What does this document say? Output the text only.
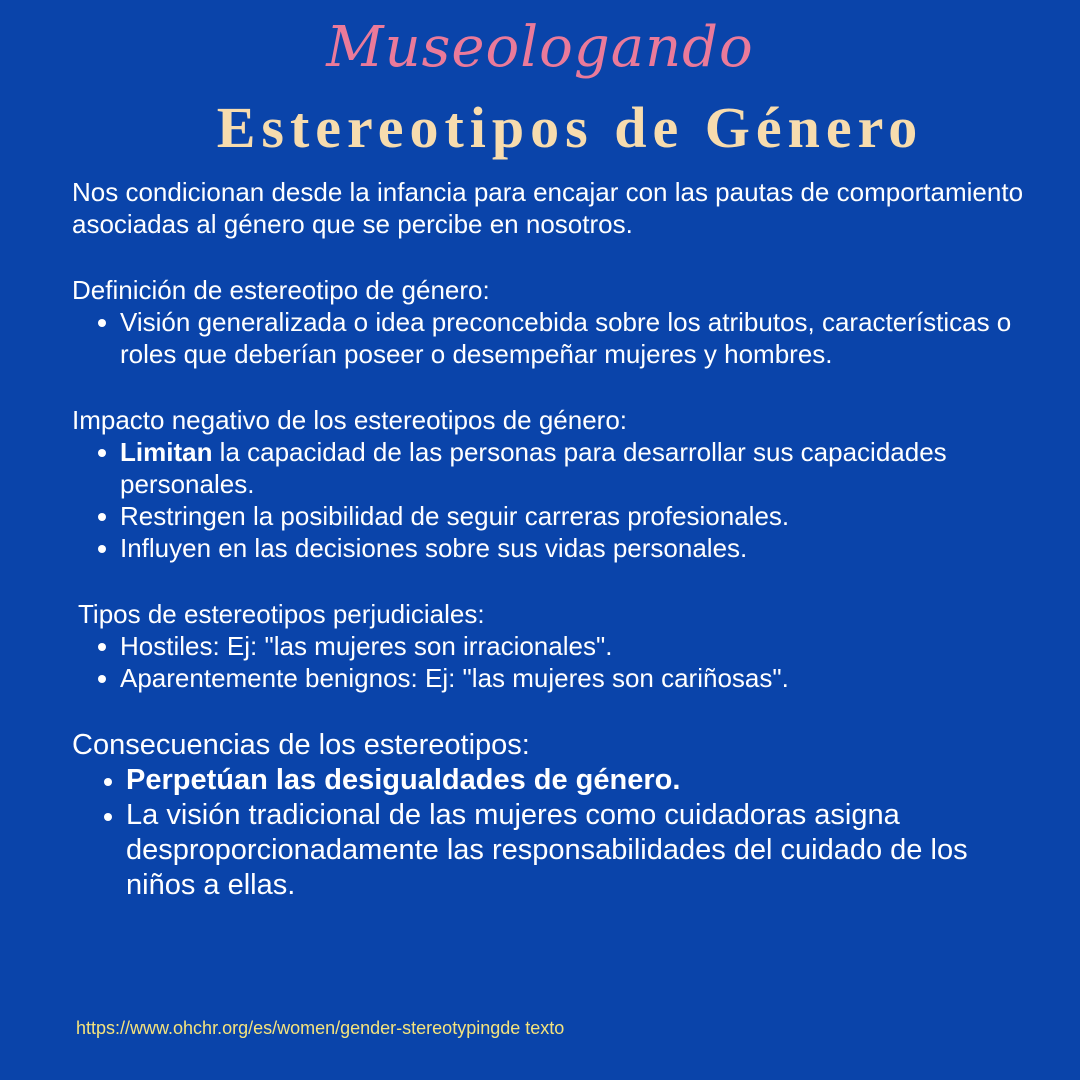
Museologando
Estereotipos de Género

Nos condicionan desde la infancia para encajar con las pautas de comportamiento asociadas al género que se percibe en nosotros.

Definición de estereotipo de género:

Visión generalizada o idea preconcebida sobre los atributos, características o roles que deberían poseer o desempeñar mujeres y hombres.

Impacto negativo de los estereotipos de género:

Limitan la capacidad de las personas para desarrollar sus capacidades personales.
Restringen la posibilidad de seguir carreras profesionales.
Influyen en las decisiones sobre sus vidas personales.

Tipos de estereotipos perjudiciales:

Hostiles: Ej: "las mujeres son irracionales".
Aparentemente benignos: Ej: "las mujeres son cariñosas".

Consecuencias de los estereotipos:

Perpetúan las desigualdades de género.
La visión tradicional de las mujeres como cuidadoras asigna desproporcionadamente las responsabilidades del cuidado de los niños a ellas.
https://www.ohchr.org/es/women/gender-stereotypingde texto
